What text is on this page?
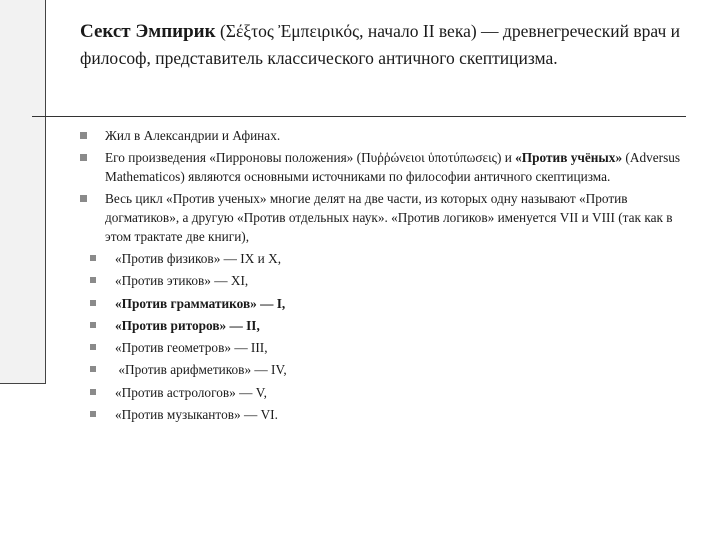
Секст Эмпирик (Σέξτος Ἐμπειρικός, начало II века) — древнегреческий врач и философ, представитель классического античного скептицизма.
Жил в Александрии и Афинах.
Его произведения «Пирроновы положения» (Πυῤῥώνειοι ὑποτύπωσεις) и «Против учёных» (Adversus Mathematicos) являются основными источниками по философии античного скептицизма.
Весь цикл «Против ученых» многие делят на две части, из которых одну называют «Против догматиков», а другую «Против отдельных наук». «Против логиков» именуется VII и VIII (так как в этом трактате две книги),
«Против физиков» — IX и X,
«Против этиков» — XI,
«Против грамматиков» — I,
«Против риторов» — II,
«Против геометров» — III,
«Против арифметиков» — IV,
«Против астрологов» — V,
«Против музыкантов» — VI.
